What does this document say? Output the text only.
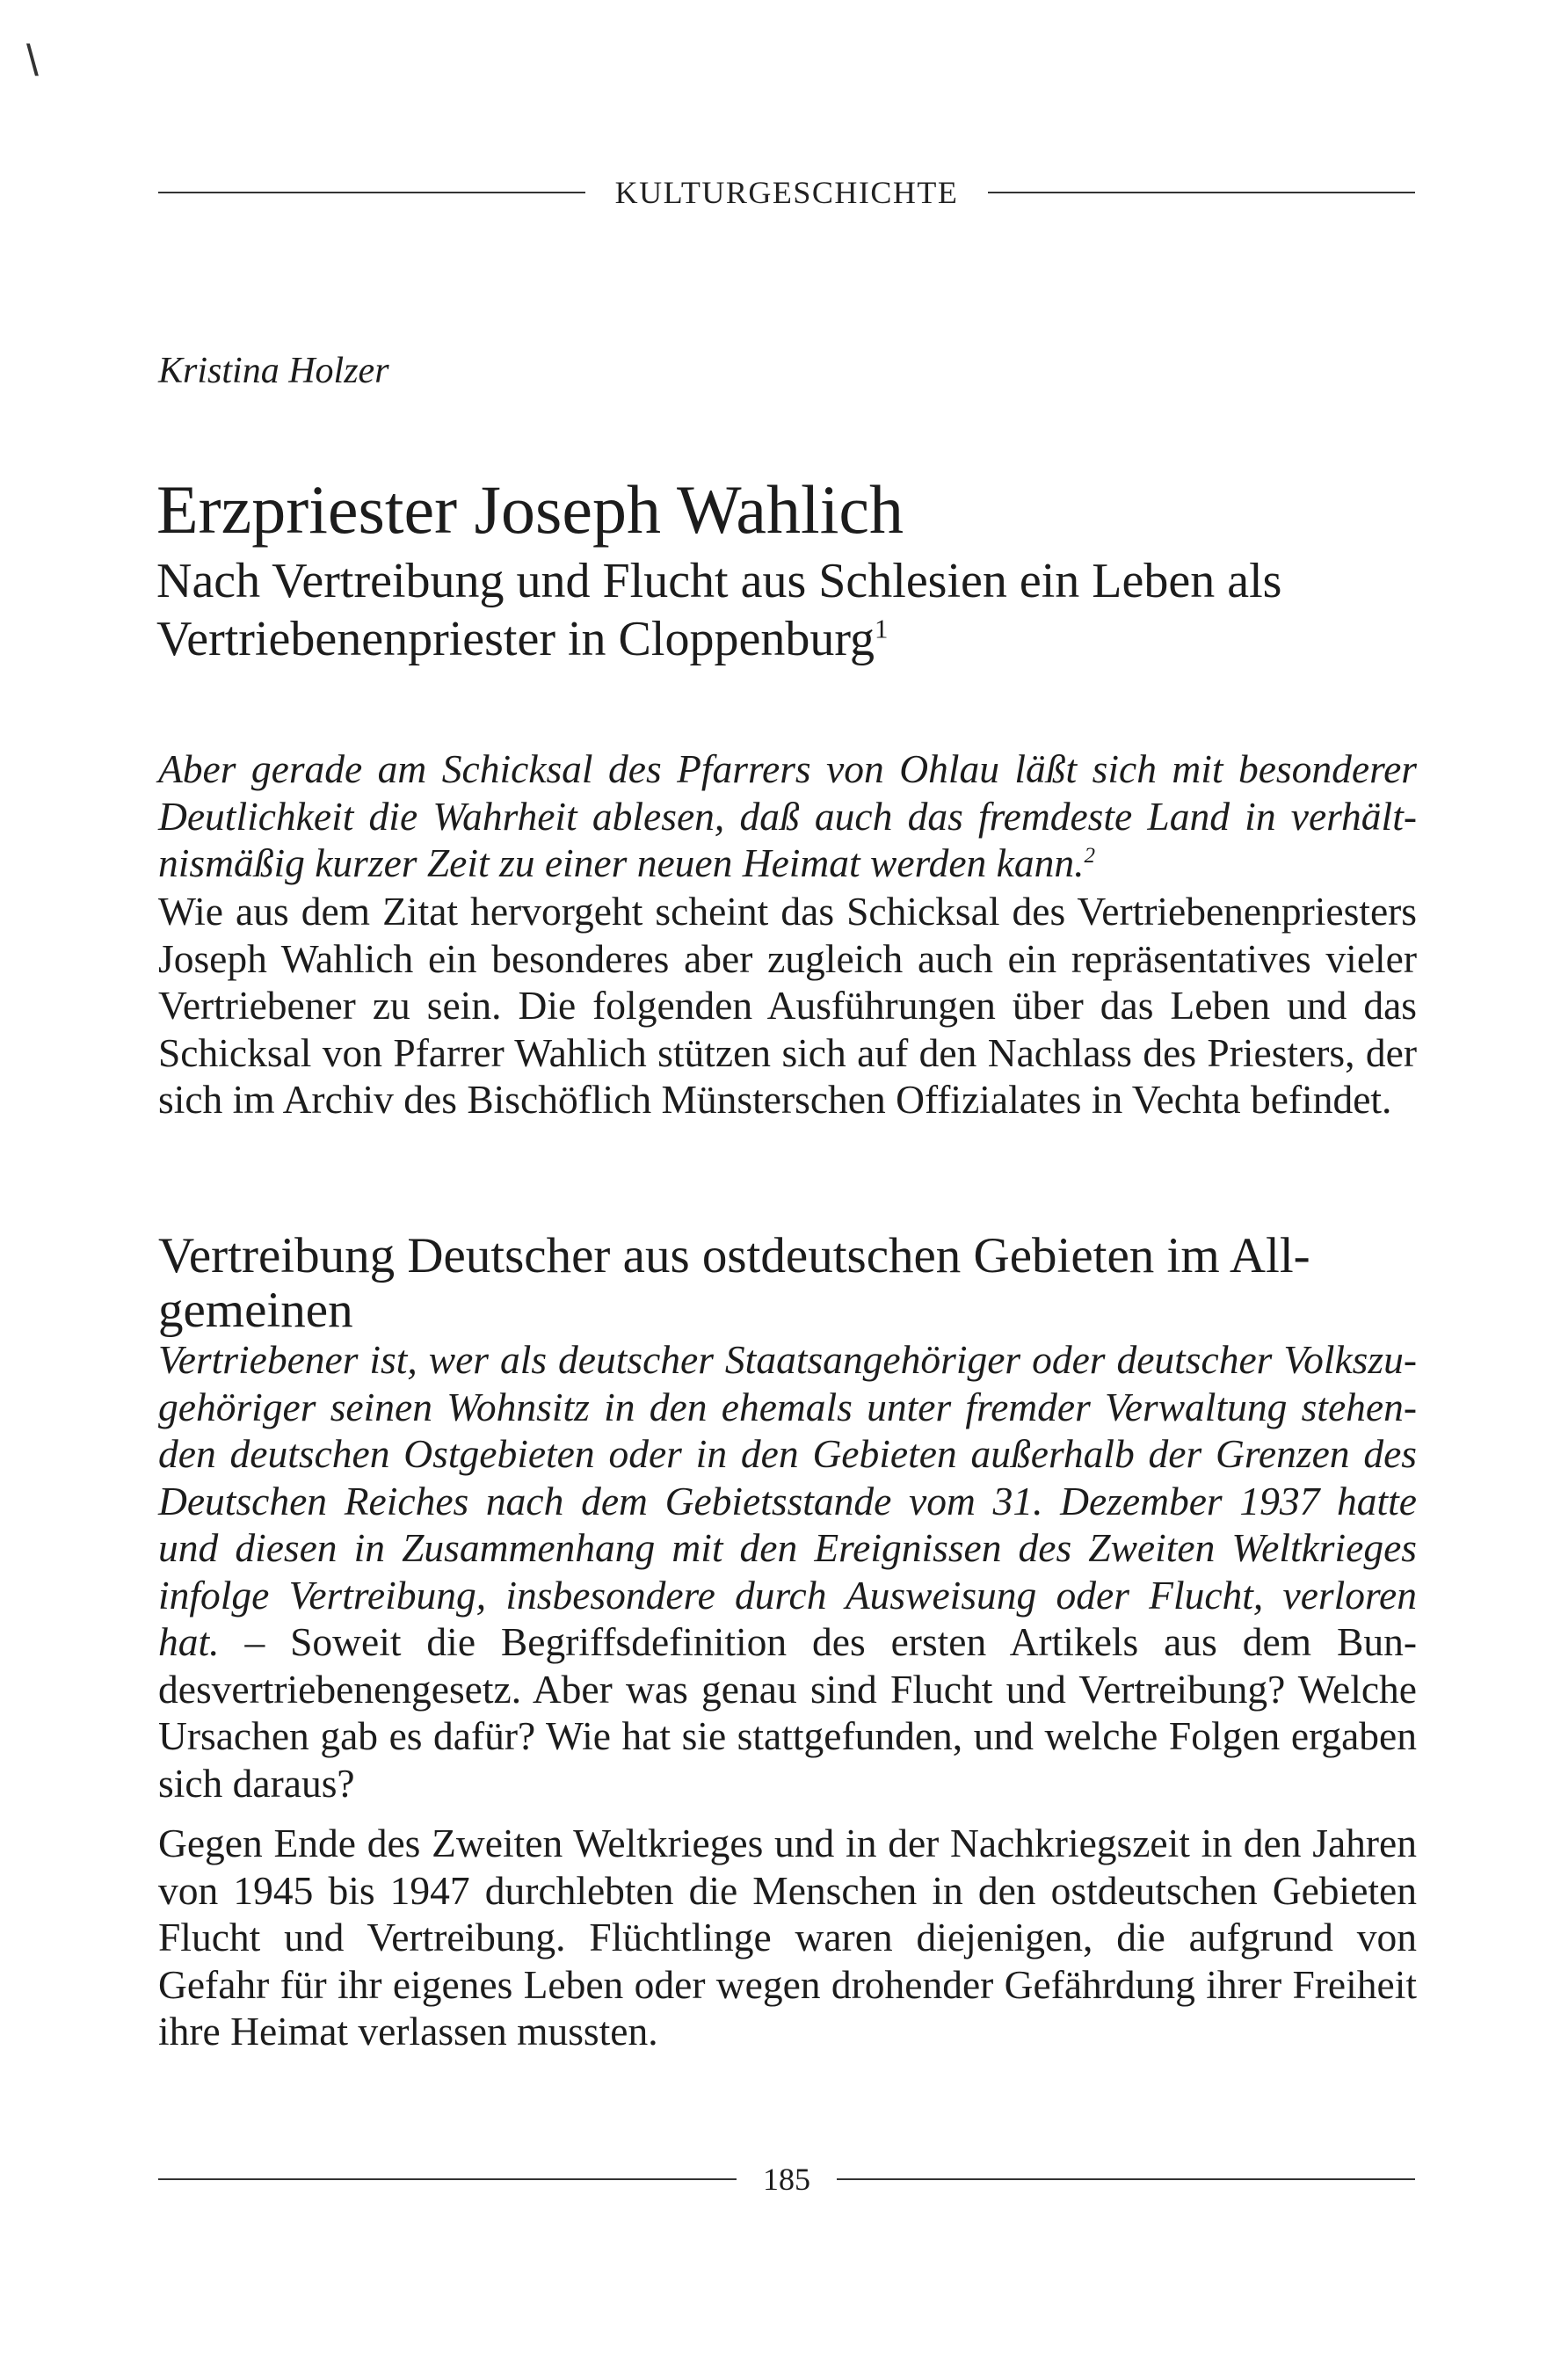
\
KULTURGESCHICHTE
Kristina Holzer
Erzpriester Joseph Wahlich
Nach Vertreibung und Flucht aus Schlesien ein Leben als Vertriebenenpriester in Cloppenburg$^1$
Aber gerade am Schicksal des Pfarrers von Ohlau läßt sich mit besonderer Deutlichkeit die Wahrheit ablesen, daß auch das fremdeste Land in verhältnismäßig kurzer Zeit zu einer neuen Heimat werden kann.$^2$
Wie aus dem Zitat hervorgeht scheint das Schicksal des Vertriebenenpriesters Joseph Wahlich ein besonderes aber zugleich auch ein repräsentatives vieler Vertriebener zu sein. Die folgenden Ausführungen über das Leben und das Schicksal von Pfarrer Wahlich stützen sich auf den Nachlass des Priesters, der sich im Archiv des Bischöflich Münsterschen Offizialates in Vechta befindet.
Vertreibung Deutscher aus ostdeutschen Gebieten im Allgemeinen
Vertriebener ist, wer als deutscher Staatsangehöriger oder deutscher Volkszugehöriger seinen Wohnsitz in den ehemals unter fremder Verwaltung stehenden deutschen Ostgebieten oder in den Gebieten außerhalb der Grenzen des Deutschen Reiches nach dem Gebietsstande vom 31. Dezember 1937 hatte und diesen in Zusammenhang mit den Ereignissen des Zweiten Weltkrieges infolge Vertreibung, insbesondere durch Ausweisung oder Flucht, verloren hat. – Soweit die Begriffsdefinition des ersten Artikels aus dem Bundesvertriebenengesetz. Aber was genau sind Flucht und Vertreibung? Welche Ursachen gab es dafür? Wie hat sie stattgefunden, und welche Folgen ergaben sich daraus?
Gegen Ende des Zweiten Weltkrieges und in der Nachkriegszeit in den Jahren von 1945 bis 1947 durchlebten die Menschen in den ostdeutschen Gebieten Flucht und Vertreibung. Flüchtlinge waren diejenigen, die aufgrund von Gefahr für ihr eigenes Leben oder wegen drohender Gefährdung ihrer Freiheit ihre Heimat verlassen mussten.
185
